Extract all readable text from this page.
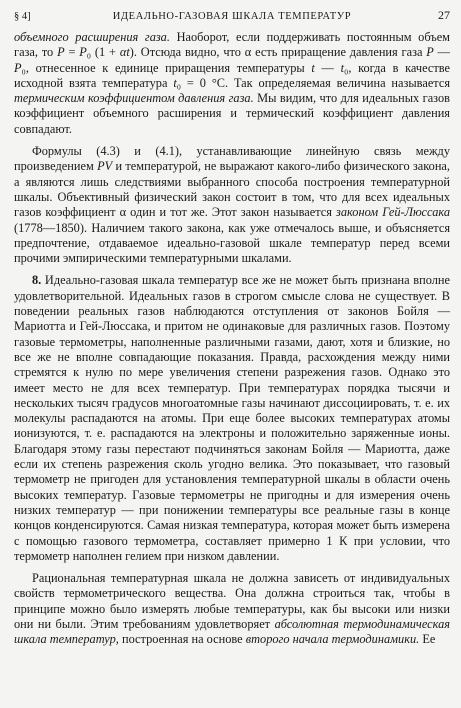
§ 4]	ИДЕАЛЬНО-ГАЗОВАЯ ШКАЛА ТЕМПЕРАТУР	27

объемного расширения газа. Наоборот, если поддерживать постоянным объем газа, то P = P₀ (1 + αt). Отсюда видно, что α есть приращение давления газа P — P₀, отнесенное к единице приращения температуры t — t₀, когда в качестве исходной взята температура t₀ = 0 °C. Так определяемая величина называется термическим коэффициентом давления газа. Мы видим, что для идеальных газов коэффициент объемного расширения и термический коэффициент давления совпадают.

Формулы (4.3) и (4.1), устанавливающие линейную связь между произведением PV и температурой, не выражают какого-либо физического закона, а являются лишь следствиями выбранного способа построения температурной шкалы. Объективный физический закон состоит в том, что для всех идеальных газов коэффициент α один и тот же. Этот закон называется законом Гей-Люссака (1778—1850). Наличием такого закона, как уже отмечалось выше, и объясняется предпочтение, отдаваемое идеально-газовой шкале температур перед всеми прочими эмпирическими температурными шкалами.

8. Идеально-газовая шкала температур все же не может быть признана вполне удовлетворительной. Идеальных газов в строгом смысле слова не существует. В поведении реальных газов наблюдаются отступления от законов Бойля — Мариотта и Гей-Люссака, и притом не одинаковые для различных газов. Поэтому газовые термометры, наполненные различными газами, дают, хотя и близкие, но все же не вполне совпадающие показания. Правда, расхождения между ними стремятся к нулю по мере увеличения степени разрежения газов. Однако это имеет место не для всех температур. При температурах порядка тысячи и нескольких тысяч градусов многоатомные газы начинают диссоциировать, т. е. их молекулы распадаются на атомы. При еще более высоких температурах атомы ионизуются, т. е. распадаются на электроны и положительно заряженные ионы. Благодаря этому газы перестают подчиняться законам Бойля — Мариотта, даже если их степень разрежения сколь угодно велика. Это показывает, что газовый термометр не пригоден для установления температурной шкалы в области очень высоких температур. Газовые термометры не пригодны и для измерения очень низких температур — при понижении температуры все реальные газы в конце концов конденсируются. Самая низкая температура, которая может быть измерена с помощью газового термометра, составляет примерно 1 К при условии, что термометр наполнен гелием при низком давлении.

Рациональная температурная шкала не должна зависеть от индивидуальных свойств термометрического вещества. Она должна строиться так, чтобы в принципе можно было измерять любые температуры, как бы высоки или низки они ни были. Этим требованиям удовлетворяет абсолютная термодинамическая шкала температур, построенная на основе второго начала термодинамики. Ее
